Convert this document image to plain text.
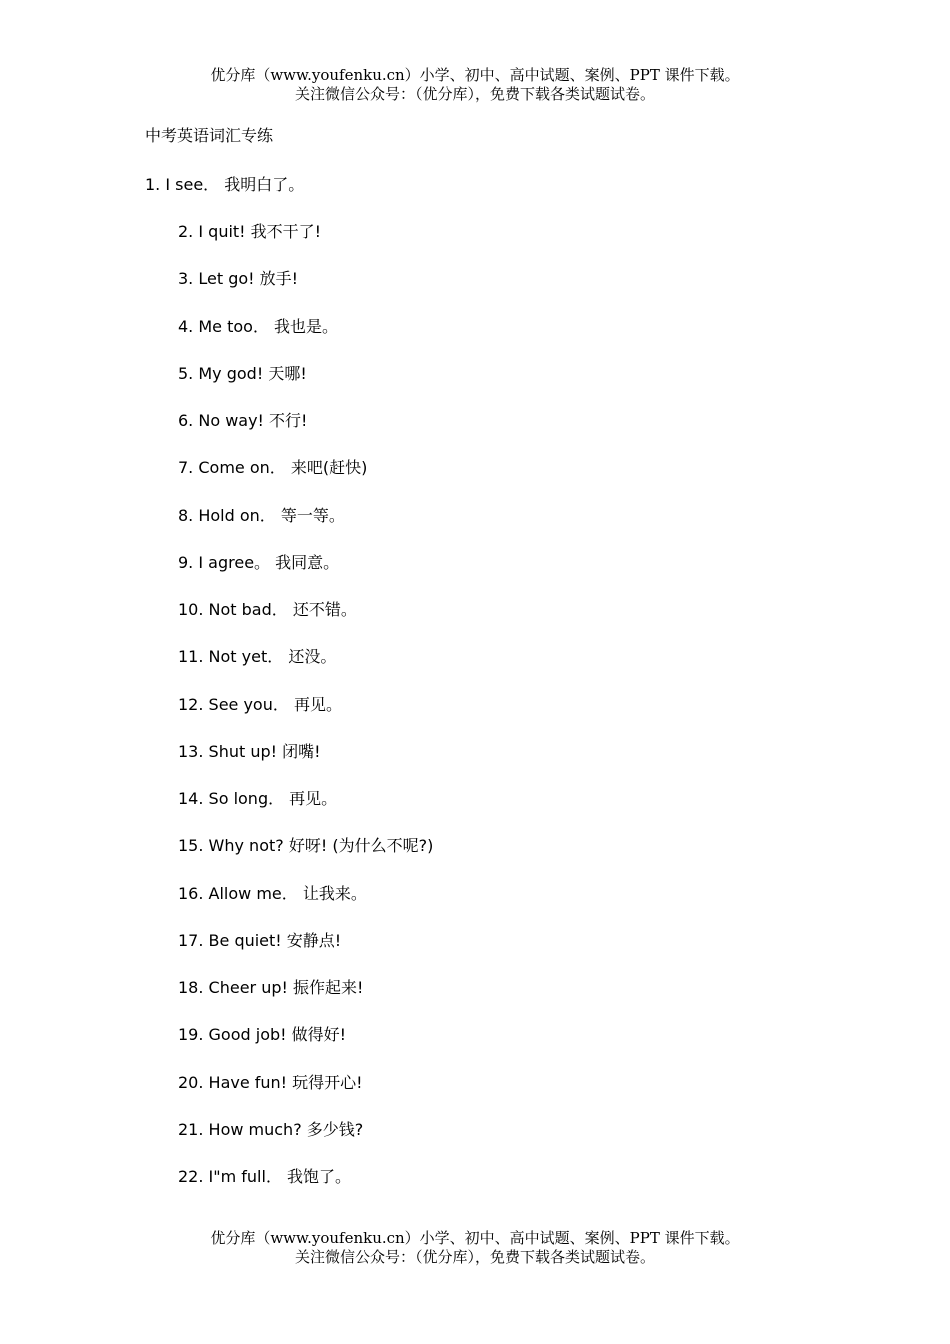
优分库（www.youfenku.cn）小学、初中、高中试题、案例、PPT 课件下载。
关注微信公众号：（优分库），免费下载各类试题试卷。
中考英语词汇专练
1. I see． 我明白了。
2. I quit! 我不干了!
3. Let go! 放手!
4. Me too． 我也是。
5. My god! 天哪!
6. No way! 不行!
7. Come on． 来吧(赶快)
8. Hold on． 等一等。
9. I agree。 我同意。
10. Not bad． 还不错。
11. Not yet． 还没。
12. See you． 再见。
13. Shut up! 闭嘴!
14. So long． 再见。
15. Why not? 好呀! (为什么不呢?)
16. Allow me． 让我来。
17. Be quiet! 安静点!
18. Cheer up! 振作起来!
19. Good job! 做得好!
20. Have fun! 玩得开心!
21. How much? 多少钱?
22. I"m full． 我饱了。
优分库（www.youfenku.cn）小学、初中、高中试题、案例、PPT 课件下载。
关注微信公众号：（优分库），免费下载各类试题试卷。
